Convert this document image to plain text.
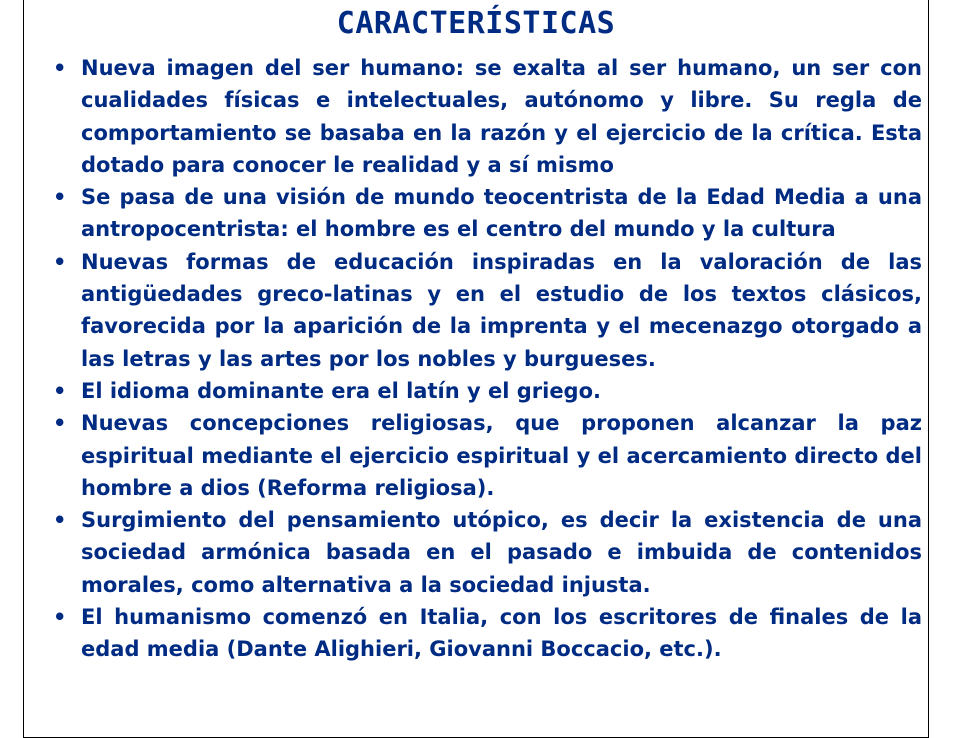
CARACTERÍSTICAS
• Nueva imagen del ser humano: se exalta al ser humano, un ser con cualidades físicas e intelectuales, autónomo y libre. Su regla de comportamiento se basaba en la razón y el ejercicio de la crítica. Esta dotado para conocer le realidad y a sí mismo
• Se pasa de una visión de mundo teocentrista de la Edad Media a una antropocentrista: el hombre es el centro del mundo y la cultura
• Nuevas formas de educación inspiradas en la valoración de las antigüedades greco-latinas y en el estudio de los textos clásicos, favorecida por la aparición de la imprenta y el mecenazgo otorgado a las letras y las artes por los nobles y burgueses.
• El idioma dominante era el latín y el griego.
• Nuevas concepciones religiosas, que proponen alcanzar la paz espiritual mediante el ejercicio espiritual y el acercamiento directo del hombre a dios (Reforma religiosa).
• Surgimiento del pensamiento utópico, es decir la existencia de una sociedad armónica basada en el pasado e imbuida de contenidos morales, como alternativa a la sociedad injusta.
• El humanismo comenzó en Italia, con los escritores de finales de la edad media (Dante Alighieri, Giovanni Boccacio, etc.).
